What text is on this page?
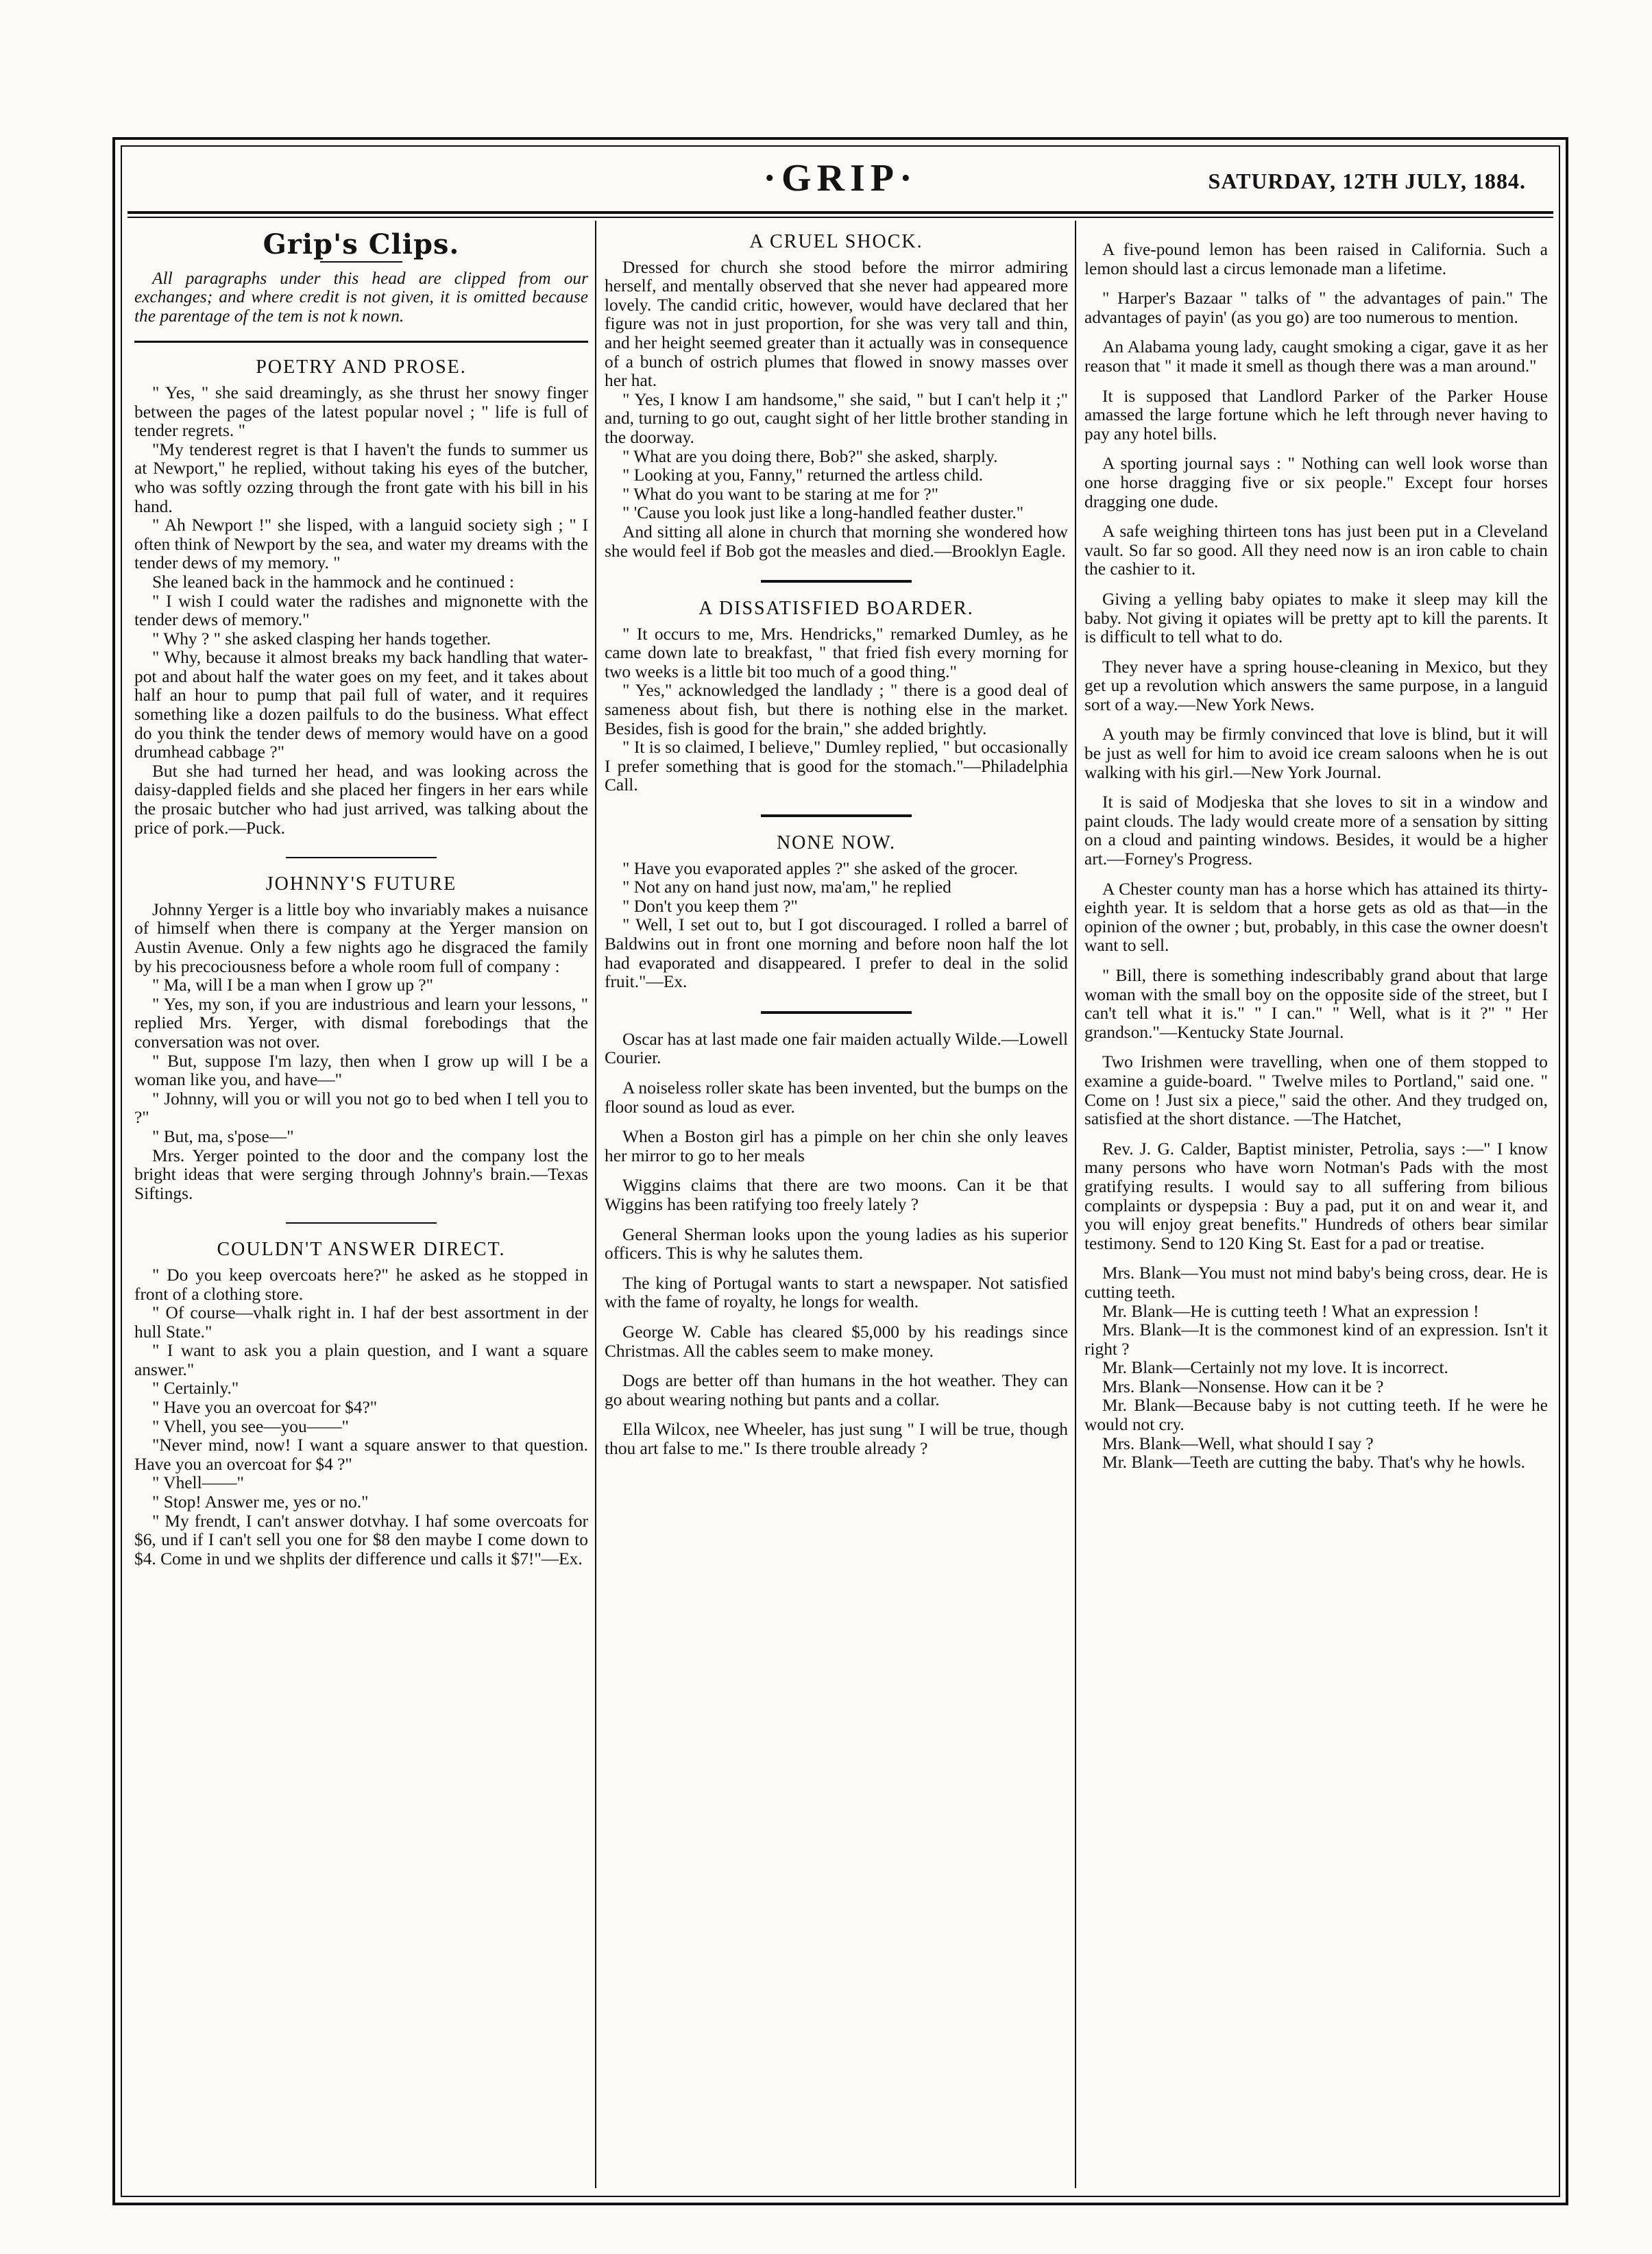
·GRIP·	SATURDAY, 12TH JULY, 1884.
Grip's Clips.

All paragraphs under this head are clipped from our exchanges; and where credit is not given, it is omitted because the parentage of the tem is not k nown.

POETRY AND PROSE.

" Yes, " she said dreamingly, as she thrust her snowy finger between the pages of the latest popular novel ; " life is full of tender regrets. "

"My tenderest regret is that I haven't the funds to summer us at Newport," he replied, without taking his eyes of the butcher, who was softly ozzing through the front gate with his bill in his hand.

" Ah Newport !" she lisped, with a languid society sigh ; " I often think of Newport by the sea, and water my dreams with the tender dews of my memory. "

She leaned back in the hammock and he continued :

" I wish I could water the radishes and mignonette with the tender dews of memory."

" Why ? " she asked clasping her hands together.

" Why, because it almost breaks my back handling that water-pot and about half the water goes on my feet, and it takes about half an hour to pump that pail full of water, and it requires something like a dozen pailfuls to do the business. What effect do you think the tender dews of memory would have on a good drumhead cabbage ?"

But she had turned her head, and was looking across the daisy-dappled fields and she placed her fingers in her ears while the prosaic butcher who had just arrived, was talking about the price of pork.—Puck.

JOHNNY'S FUTURE

Johnny Yerger is a little boy who invariably makes a nuisance of himself when there is company at the Yerger mansion on Austin Avenue. Only a few nights ago he disgraced the family by his precociousness before a whole room full of company :

" Ma, will I be a man when I grow up ?"

" Yes, my son, if you are industrious and learn your lessons, " replied Mrs. Yerger, with dismal forebodings that the conversation was not over.

" But, suppose I'm lazy, then when I grow up will I be a woman like you, and have—"

" Johnny, will you or will you not go to bed when I tell you to ?"

" But, ma, s'pose—"

Mrs. Yerger pointed to the door and the company lost the bright ideas that were serging through Johnny's brain.—Texas Siftings.

COULDN'T ANSWER DIRECT.

" Do you keep overcoats here?" he asked as he stopped in front of a clothing store.

" Of course—vhalk right in. I haf der best assortment in der hull State."

" I want to ask you a plain question, and I want a square answer."

" Certainly."

" Have you an overcoat for $4?"

" Vhell, you see—you——"

"Never mind, now! I want a square answer to that question. Have you an overcoat for $4 ?"

" Vhell——"

" Stop! Answer me, yes or no."

" My frendt, I can't answer dotvhay. I haf some overcoats for $6, und if I can't sell you one for $8 den maybe I come down to $4. Come in und we shplits der difference und calls it $7!"—Ex.

A CRUEL SHOCK.

Dressed for church she stood before the mirror admiring herself, and mentally observed that she never had appeared more lovely. The candid critic, however, would have declared that her figure was not in just proportion, for she was very tall and thin, and her height seemed greater than it actually was in consequence of a bunch of ostrich plumes that flowed in snowy masses over her hat.

" Yes, I know I am handsome," she said, " but I can't help it ;" and, turning to go out, caught sight of her little brother standing in the doorway.

" What are you doing there, Bob?" she asked, sharply.

" Looking at you, Fanny," returned the artless child.

" What do you want to be staring at me for ?"

" 'Cause you look just like a long-handled feather duster."

And sitting all alone in church that morning she wondered how she would feel if Bob got the measles and died.—Brooklyn Eagle.

A DISSATISFIED BOARDER.

" It occurs to me, Mrs. Hendricks," remarked Dumley, as he came down late to breakfast, " that fried fish every morning for two weeks is a little bit too much of a good thing."

" Yes," acknowledged the landlady ; " there is a good deal of sameness about fish, but there is nothing else in the market. Besides, fish is good for the brain," she added brightly.

" It is so claimed, I believe," Dumley replied, " but occasionally I prefer something that is good for the stomach."—Philadelphia Call.

NONE NOW.

" Have you evaporated apples ?" she asked of the grocer.

" Not any on hand just now, ma'am," he replied

" Don't you keep them ?"

" Well, I set out to, but I got discouraged. I rolled a barrel of Baldwins out in front one morning and before noon half the lot had evaporated and disappeared. I prefer to deal in the solid fruit."—Ex.

Oscar has at last made one fair maiden actually Wilde.—Lowell Courier.

A noiseless roller skate has been invented, but the bumps on the floor sound as loud as ever.

When a Boston girl has a pimple on her chin she only leaves her mirror to go to her meals

Wiggins claims that there are two moons. Can it be that Wiggins has been ratifying too freely lately ?

General Sherman looks upon the young ladies as his superior officers. This is why he salutes them.

The king of Portugal wants to start a newspaper. Not satisfied with the fame of royalty, he longs for wealth.

George W. Cable has cleared $5,000 by his readings since Christmas. All the cables seem to make money.

Dogs are better off than humans in the hot weather. They can go about wearing nothing but pants and a collar.

Ella Wilcox, nee Wheeler, has just sung " I will be true, though thou art false to me." Is there trouble already ?

A five-pound lemon has been raised in California. Such a lemon should last a circus lemonade man a lifetime.

" Harper's Bazaar " talks of " the advantages of pain." The advantages of payin' (as you go) are too numerous to mention.

An Alabama young lady, caught smoking a cigar, gave it as her reason that " it made it smell as though there was a man around."

It is supposed that Landlord Parker of the Parker House amassed the large fortune which he left through never having to pay any hotel bills.

A sporting journal says : " Nothing can well look worse than one horse dragging five or six people." Except four horses dragging one dude.

A safe weighing thirteen tons has just been put in a Cleveland vault. So far so good. All they need now is an iron cable to chain the cashier to it.

Giving a yelling baby opiates to make it sleep may kill the baby. Not giving it opiates will be pretty apt to kill the parents. It is difficult to tell what to do.

They never have a spring house-cleaning in Mexico, but they get up a revolution which answers the same purpose, in a languid sort of a way.—New York News.

A youth may be firmly convinced that love is blind, but it will be just as well for him to avoid ice cream saloons when he is out walking with his girl.—New York Journal.

It is said of Modjeska that she loves to sit in a window and paint clouds. The lady would create more of a sensation by sitting on a cloud and painting windows. Besides, it would be a higher art.—Forney's Progress.

A Chester county man has a horse which has attained its thirty-eighth year. It is seldom that a horse gets as old as that—in the opinion of the owner ; but, probably, in this case the owner doesn't want to sell.

" Bill, there is something indescribably grand about that large woman with the small boy on the opposite side of the street, but I can't tell what it is." " I can." " Well, what is it ?" " Her grandson."—Kentucky State Journal.

Two Irishmen were travelling, when one of them stopped to examine a guide-board. " Twelve miles to Portland," said one. " Come on ! Just six a piece," said the other. And they trudged on, satisfied at the short distance. —The Hatchet,

Rev. J. G. Calder, Baptist minister, Petrolia, says :—" I know many persons who have worn Notman's Pads with the most gratifying results. I would say to all suffering from bilious complaints or dyspepsia : Buy a pad, put it on and wear it, and you will enjoy great benefits." Hundreds of others bear similar testimony. Send to 120 King St. East for a pad or treatise.

Mrs. Blank—You must not mind baby's being cross, dear. He is cutting teeth.

Mr. Blank—He is cutting teeth ! What an expression !

Mrs. Blank—It is the commonest kind of an expression. Isn't it right ?

Mr. Blank—Certainly not my love. It is incorrect.

Mrs. Blank—Nonsense. How can it be ?

Mr. Blank—Because baby is not cutting teeth. If he were he would not cry.

Mrs. Blank—Well, what should I say ?

Mr. Blank—Teeth are cutting the baby. That's why he howls.
